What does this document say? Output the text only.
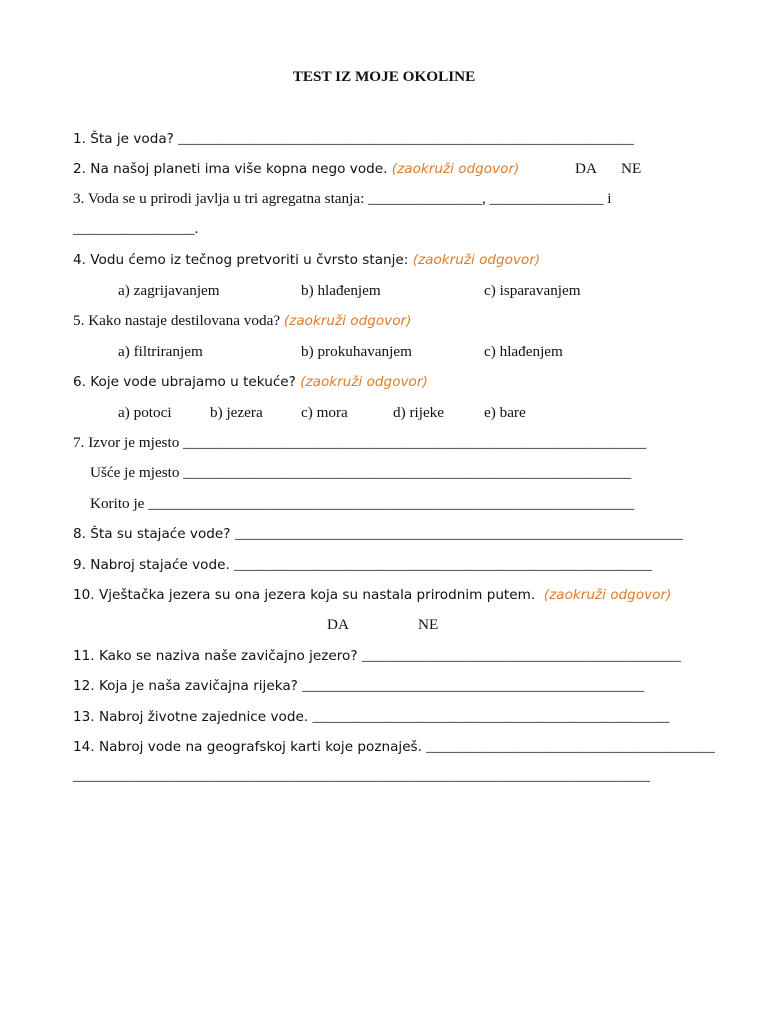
TEST IZ MOJE OKOLINE
1. Šta je voda? ____________________________________________________________
2. Na našoj planeti ima više kopna nego vode. (zaokruži odgovor)	DA NE
3. Voda se u prirodi javlja u tri agregatna stanja: _______________, _______________ i
________________.
4. Vodu ćemo iz tečnog pretvoriti u čvrsto stanje: (zaokruži odgovor)
a) zagrijavanjem	b) hlađenjem	c) isparavanjem
5. Kako nastaje destilovana voda? (zaokruži odgovor)
a) filtriranjem	b) prokuhavanjem	c) hlađenjem
6. Koje vode ubrajamo u tekuće? (zaokruži odgovor)
a) potoci	b) jezera	c) mora	d) rijeke	e) bare
7. Izvor je mjesto _____________________________________________________________
Ušće je mjesto ___________________________________________________________
Korito je ________________________________________________________________
8. Šta su stajaće vode? ___________________________________________________________
9. Nabroj stajaće vode. _______________________________________________________
10. Vještačka jezera su ona jezera koja su nastala prirodnim putem.  (zaokruži odgovor)
DA	NE
11. Kako se naziva naše zavičajno jezero? __________________________________________
12. Koja je naša zavičajna rijeka? _____________________________________________
13. Nabroj životne zajednice vode. _______________________________________________
14. Nabroj vode na geografskoj karti koje poznaješ. ______________________________________
____________________________________________________________________________
